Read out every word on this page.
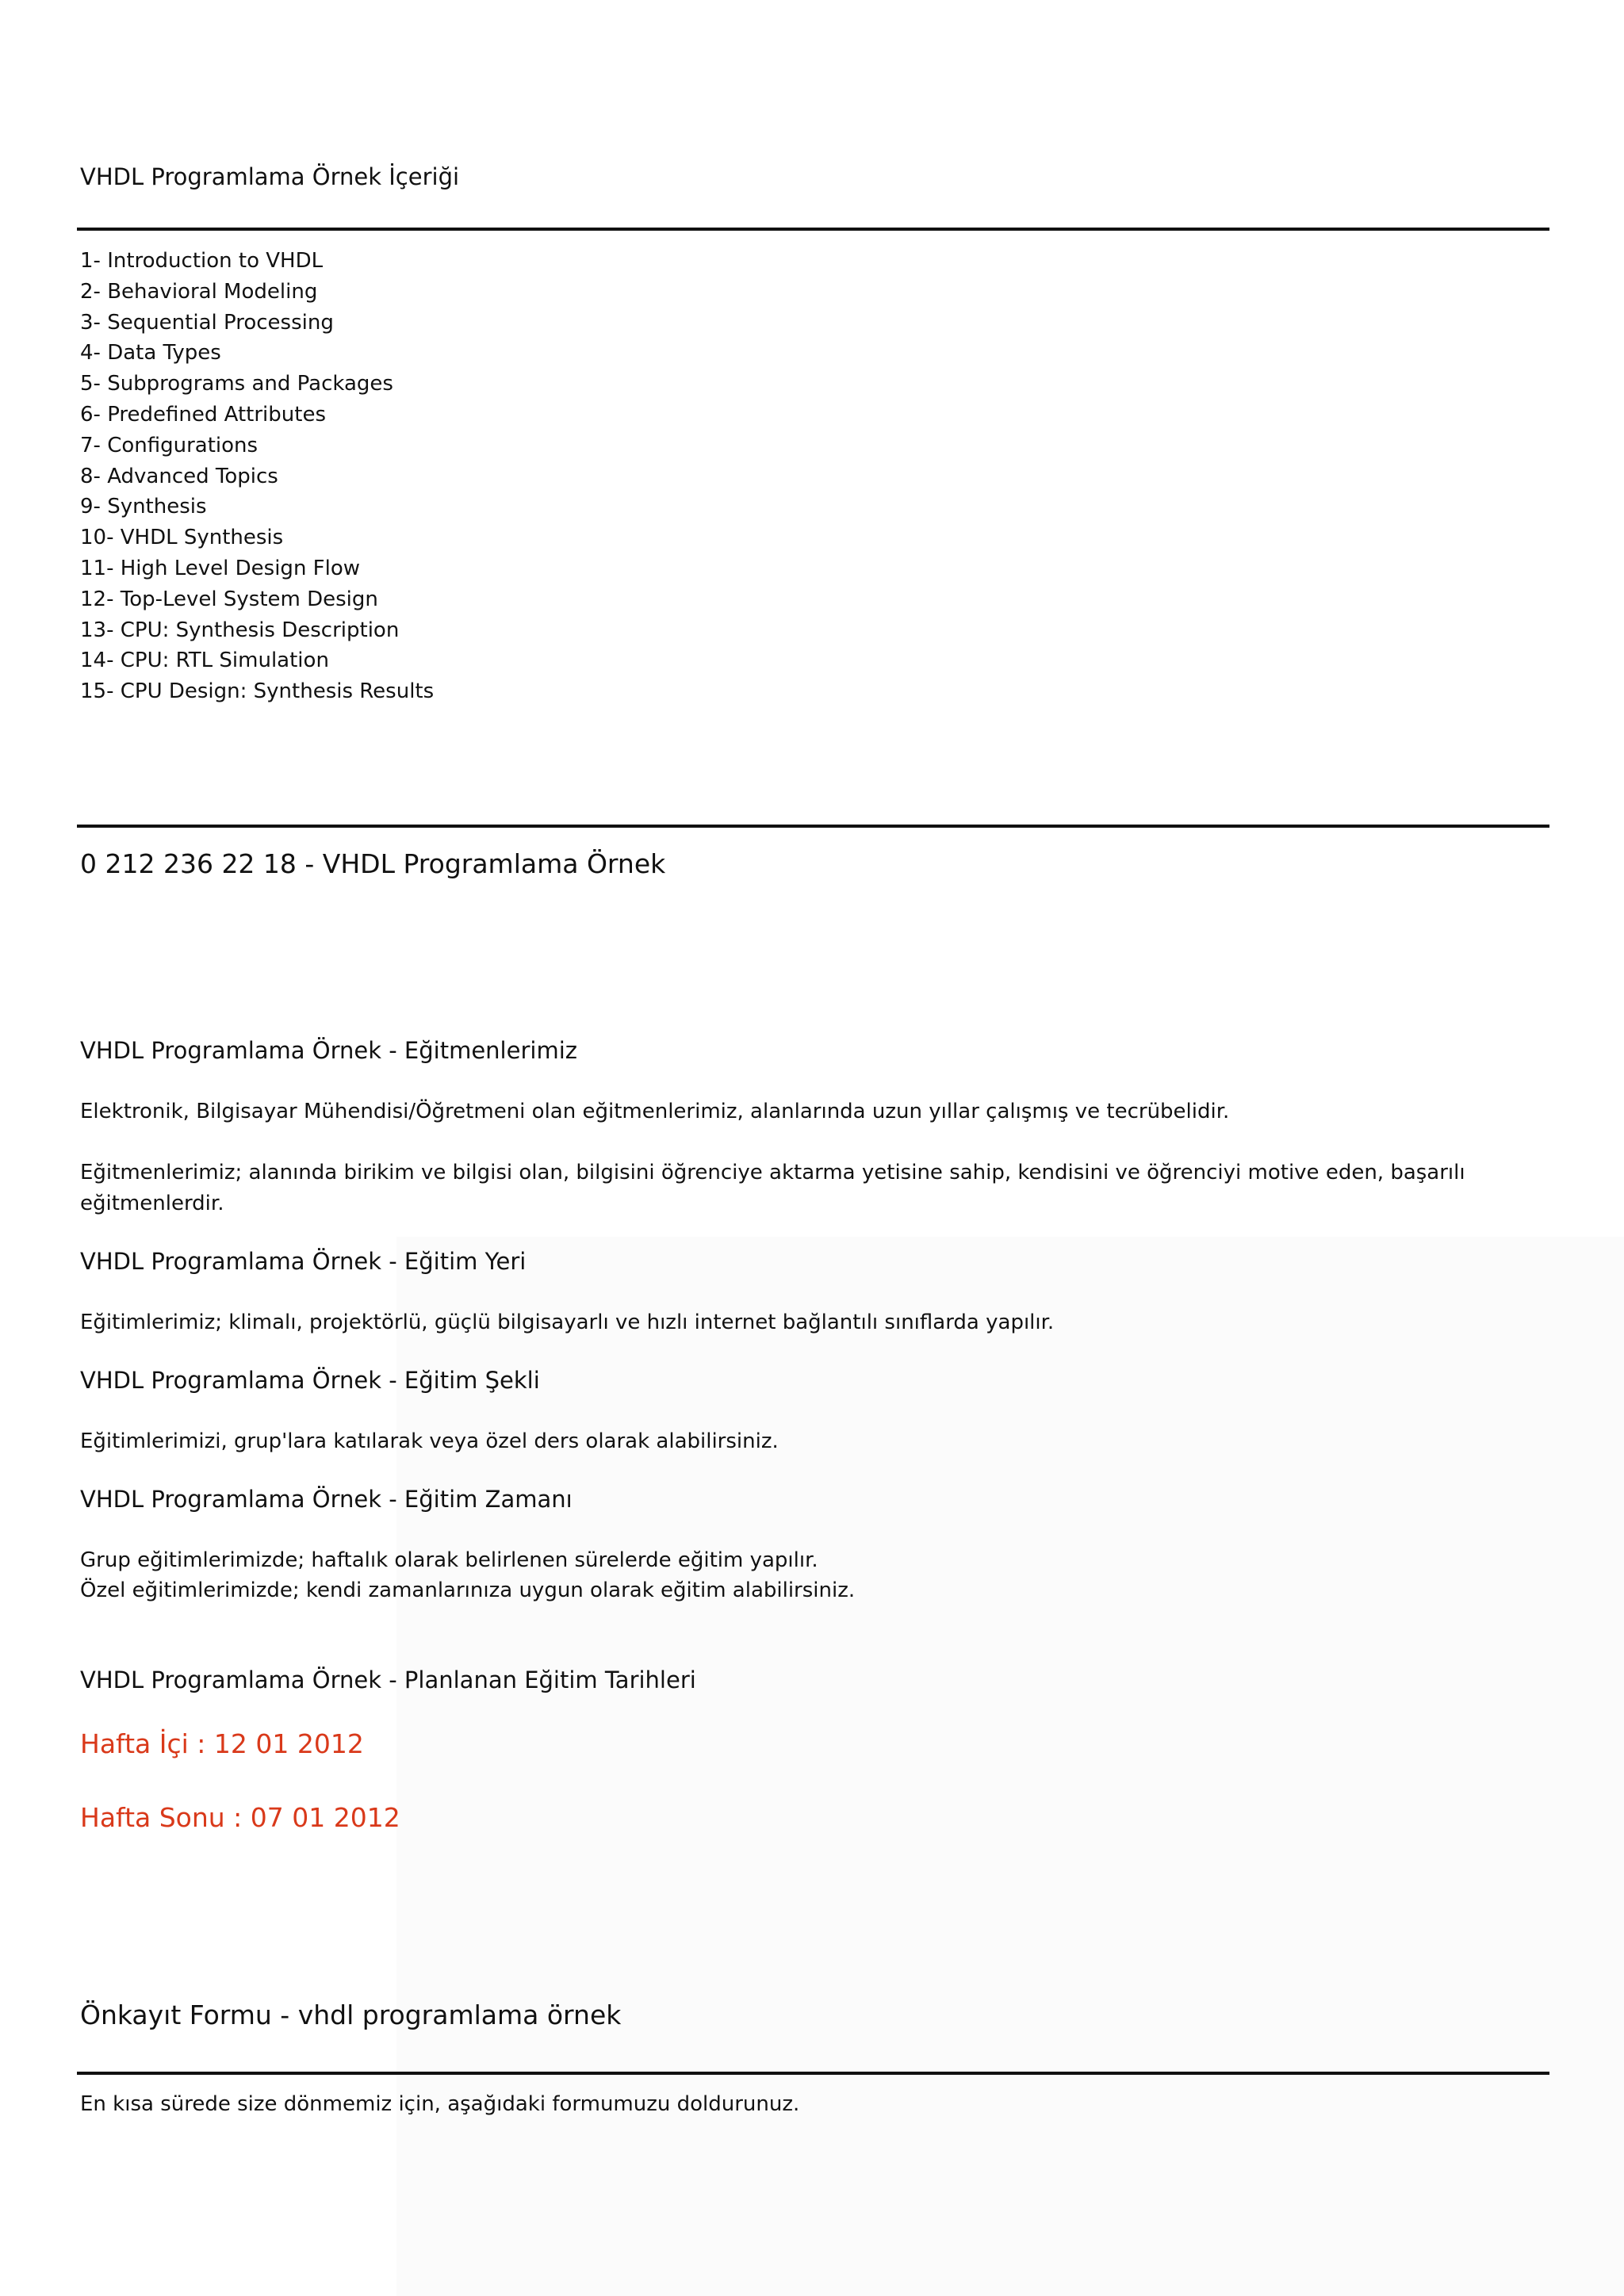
VHDL Programlama Örnek İçeriği
1- Introduction to VHDL
2- Behavioral Modeling
3- Sequential Processing
4- Data Types
5- Subprograms and Packages
6- Predefined Attributes
7- Configurations
8- Advanced Topics
9- Synthesis
10- VHDL Synthesis
11- High Level Design Flow
12- Top-Level System Design
13- CPU: Synthesis Description
14- CPU: RTL Simulation
15- CPU Design: Synthesis Results
0 212 236 22 18 - VHDL Programlama Örnek
VHDL Programlama Örnek - Eğitmenlerimiz

Elektronik, Bilgisayar Mühendisi/Öğretmeni olan eğitmenlerimiz, alanlarında uzun yıllar çalışmış ve tecrübelidir.

Eğitmenlerimiz; alanında birikim ve bilgisi olan, bilgisini öğrenciye aktarma yetisine sahip, kendisini ve öğrenciyi motive eden, başarılı

eğitmenlerdir.

VHDL Programlama Örnek - Eğitim Yeri

Eğitimlerimiz; klimalı, projektörlü, güçlü bilgisayarlı ve hızlı internet bağlantılı sınıflarda yapılır.

VHDL Programlama Örnek - Eğitim Şekli

Eğitimlerimizi, grup'lara katılarak veya özel ders olarak alabilirsiniz.

VHDL Programlama Örnek - Eğitim Zamanı

Grup eğitimlerimizde; haftalık olarak belirlenen sürelerde eğitim yapılır.

Özel eğitimlerimizde; kendi zamanlarınıza uygun olarak eğitim alabilirsiniz.

VHDL Programlama Örnek - Planlanan Eğitim Tarihleri

Hafta İçi : 12 01 2012

Hafta Sonu : 07 01 2012

Önkayıt Formu - vhdl programlama örnek

En kısa sürede size dönmemiz için, aşağıdaki formumuzu doldurunuz.
